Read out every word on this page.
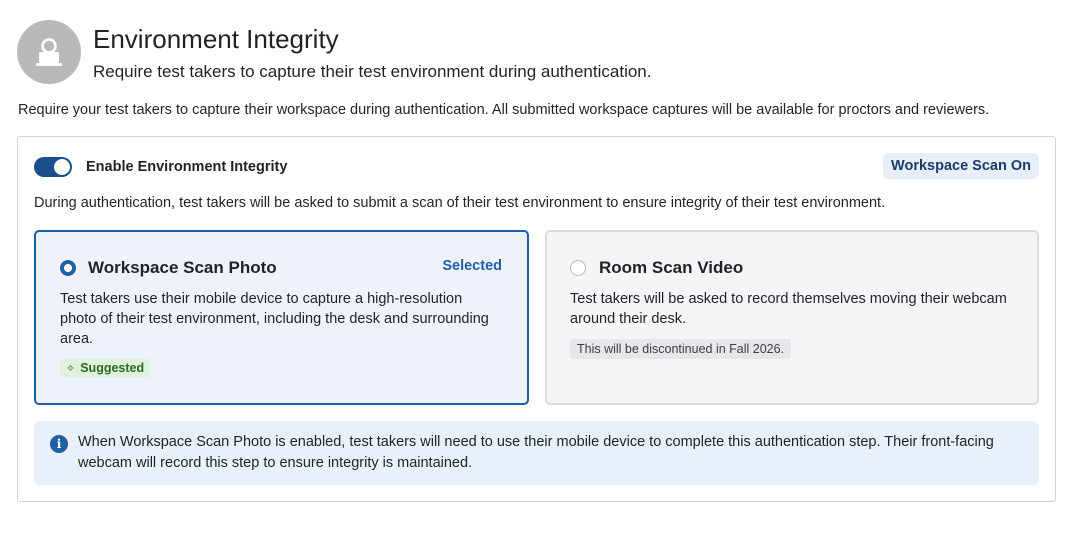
Environment Integrity
Require test takers to capture their test environment during authentication.
Require your test takers to capture their workspace during authentication. All submitted workspace captures will be available for proctors and reviewers.
Enable Environment Integrity	Workspace Scan On
During authentication, test takers will be asked to submit a scan of their test environment to ensure integrity of their test environment.
Workspace Scan Photo	Selected
Test takers use their mobile device to capture a high-resolution photo of their test environment, including the desk and surrounding area.
✧ Suggested
Room Scan Video
Test takers will be asked to record themselves moving their webcam around their desk.
This will be discontinued in Fall 2026.
i	When Workspace Scan Photo is enabled, test takers will need to use their mobile device to complete this authentication step. Their front-facing webcam will record this step to ensure integrity is maintained.
